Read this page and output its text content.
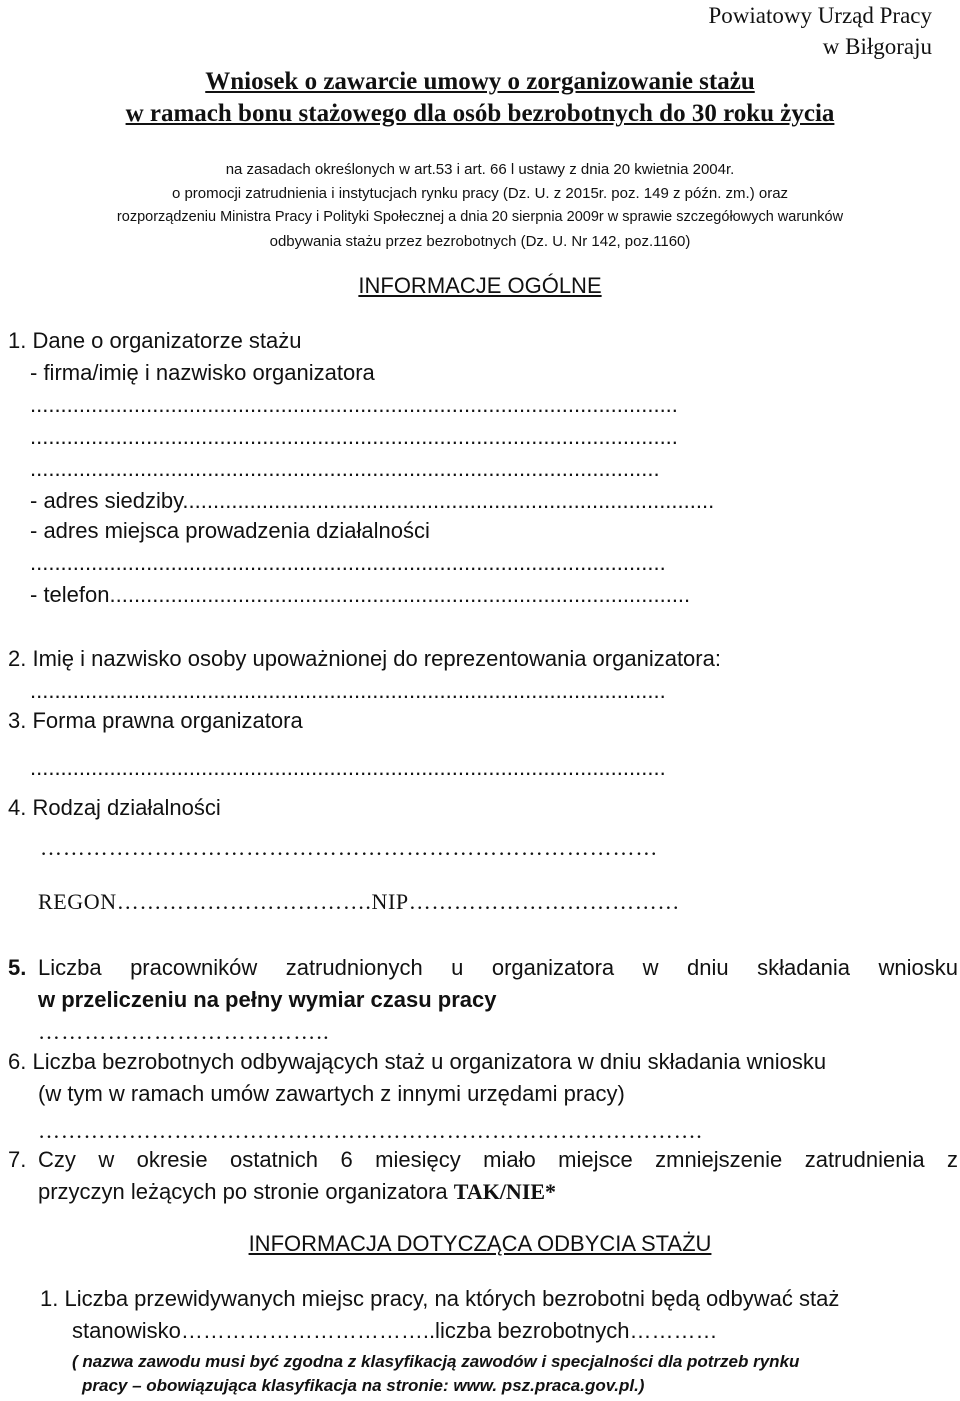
Powiatowy Urząd Pracy

w Biłgoraju

Wniosek o zawarcie umowy o zorganizowanie stażu

w ramach bonu stażowego dla osób bezrobotnych do 30 roku życia

na zasadach określonych w art.53 i art. 66 l ustawy z dnia 20 kwietnia 2004r.

o promocji zatrudnienia i instytucjach rynku pracy (Dz. U. z 2015r. poz. 149 z późn. zm.) oraz

rozporządzeniu Ministra Pracy i Polityki Społecznej a dnia 20 sierpnia 2009r w sprawie szczegółowych warunków

odbywania stażu przez bezrobotnych (Dz. U. Nr 142, poz.1160)

INFORMACJE OGÓLNE

1. Dane o organizatorze stażu

- firma/imię i nazwisko organizatora

..........................................................................................................

..........................................................................................................

.......................................................................................................

- adres siedziby.......................................................................................

- adres miejsca prowadzenia działalności

........................................................................................................

- telefon...............................................................................................

2. Imię i nazwisko osoby upoważnionej do reprezentowania organizatora:

........................................................................................................

3. Forma prawna organizatora

........................................................................................................

4. Rodzaj działalności

………………………………………………………………………

REGON…………………………….NIP………………………………

5. Liczba pracowników zatrudnionych u organizatora w dniu składania wniosku

w przeliczeniu na pełny wymiar czasu pracy

………………………………..

6. Liczba bezrobotnych odbywających staż u organizatora w dniu składania wniosku

(w tym w ramach umów zawartych z innymi urzędami pracy)

…………………………………………………………………………….

7. Czy w okresie ostatnich 6 miesięcy miało miejsce zmniejszenie zatrudnienia z

przyczyn leżących po stronie organizatora TAK/NIE*

INFORMACJA DOTYCZĄCA ODBYCIA STAŻU

1. Liczba przewidywanych miejsc pracy, na których bezrobotni będą odbywać staż

stanowisko……………………………..liczba bezrobotnych…………

( nazwa zawodu musi być zgodna z klasyfikacją zawodów i specjalności dla potrzeb rynku

pracy – obowiązująca klasyfikacja na stronie: www. psz.praca.gov.pl.)
